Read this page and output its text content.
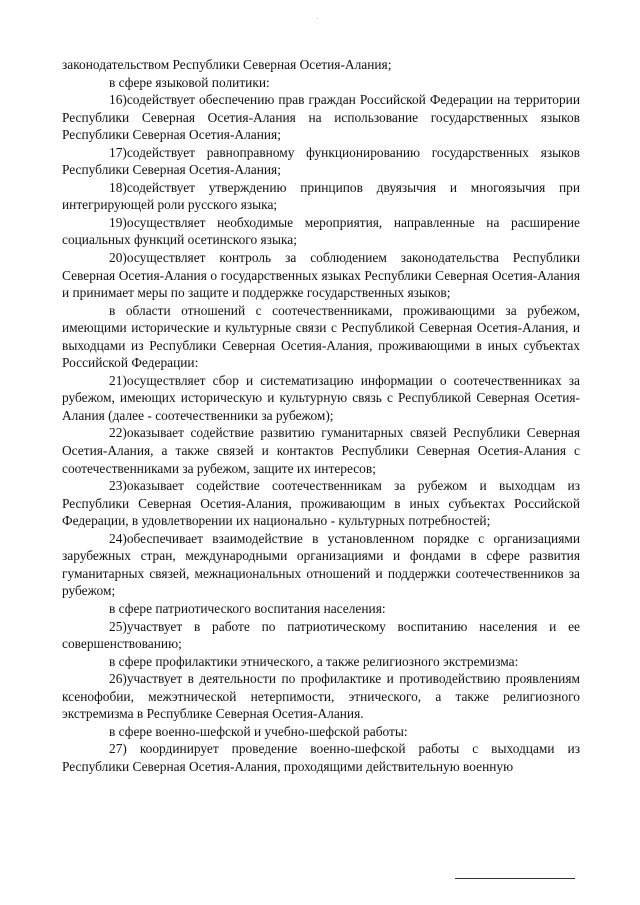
законодательством Республики Северная Осетия-Алания;

в сфере языковой политики:

16)содействует обеспечению прав граждан Российской Федерации на территории Республики Северная Осетия-Алания на использование государственных языков Республики Северная Осетия-Алания;

17)содействует равноправному функционированию государственных языков Республики Северная Осетия-Алания;

18)содействует утверждению принципов двуязычия и многоязычия при интегрирующей роли русского языка;

19)осуществляет необходимые мероприятия, направленные на расширение социальных функций осетинского языка;

20)осуществляет контроль за соблюдением законодательства Республики Северная Осетия-Алания о государственных языках Республики Северная Осетия-Алания и принимает меры по защите и поддержке государственных языков;

в области отношений с соотечественниками, проживающими за рубежом, имеющими исторические и культурные связи с Республикой Северная Осетия-Алания, и выходцами из Республики Северная Осетия-Алания, проживающими в иных субъектах Российской Федерации:

21)осуществляет сбор и систематизацию информации о соотечественниках за рубежом, имеющих историческую и культурную связь с Республикой Северная Осетия-Алания (далее - соотечественники за рубежом);

22)оказывает содействие развитию гуманитарных связей Республики Северная Осетия-Алания, а также связей и контактов Республики Северная Осетия-Алания с соотечественниками за рубежом, защите их интересов;

23)оказывает содействие соотечественникам за рубежом и выходцам из Республики Северная Осетия-Алания, проживающим в иных субъектах Российской Федерации, в удовлетворении их национально - культурных потребностей;

24)обеспечивает взаимодействие в установленном порядке с организациями зарубежных стран, международными организациями и фондами в сфере развития гуманитарных связей, межнациональных отношений и поддержки соотечественников за рубежом;

в сфере патриотического воспитания населения:

25)участвует в работе по патриотическому воспитанию населения и ее совершенствованию;

в сфере профилактики этнического, а также религиозного экстремизма:

26)участвует в деятельности по профилактике и противодействию проявлениям ксенофобии, межэтнической нетерпимости, этнического, а также религиозного экстремизма в Республике Северная Осетия-Алания.

в сфере военно-шефской и учебно-шефской работы:

27) координирует проведение военно-шефской работы с выходцами из Республики Северная Осетия-Алания, проходящими действительную военную
